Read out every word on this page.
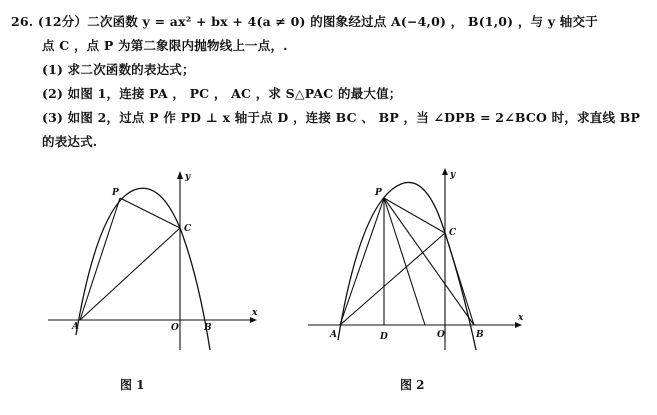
26. (12分）二次函数 y = ax² + bx + 4(a ≠ 0) 的图象经过点 A(−4,0) ， B(1,0) ，与 y 轴交于
点 C ，点 P 为第二象限内抛物线上一点，.
(1) 求二次函数的表达式；
(2) 如图 1，连接 PA ， PC ， AC ，求 S△PAC 的最大值；
(3) 如图 2，过点 P 作 PD ⊥ x 轴于点 D ，连接 BC 、 BP ，当 ∠DPB = 2∠BCO 时，求直线 BP
的表达式.
P
C
A	O	B
x
y
P
C
A	D	O	B
x
y
图 1	图 2
